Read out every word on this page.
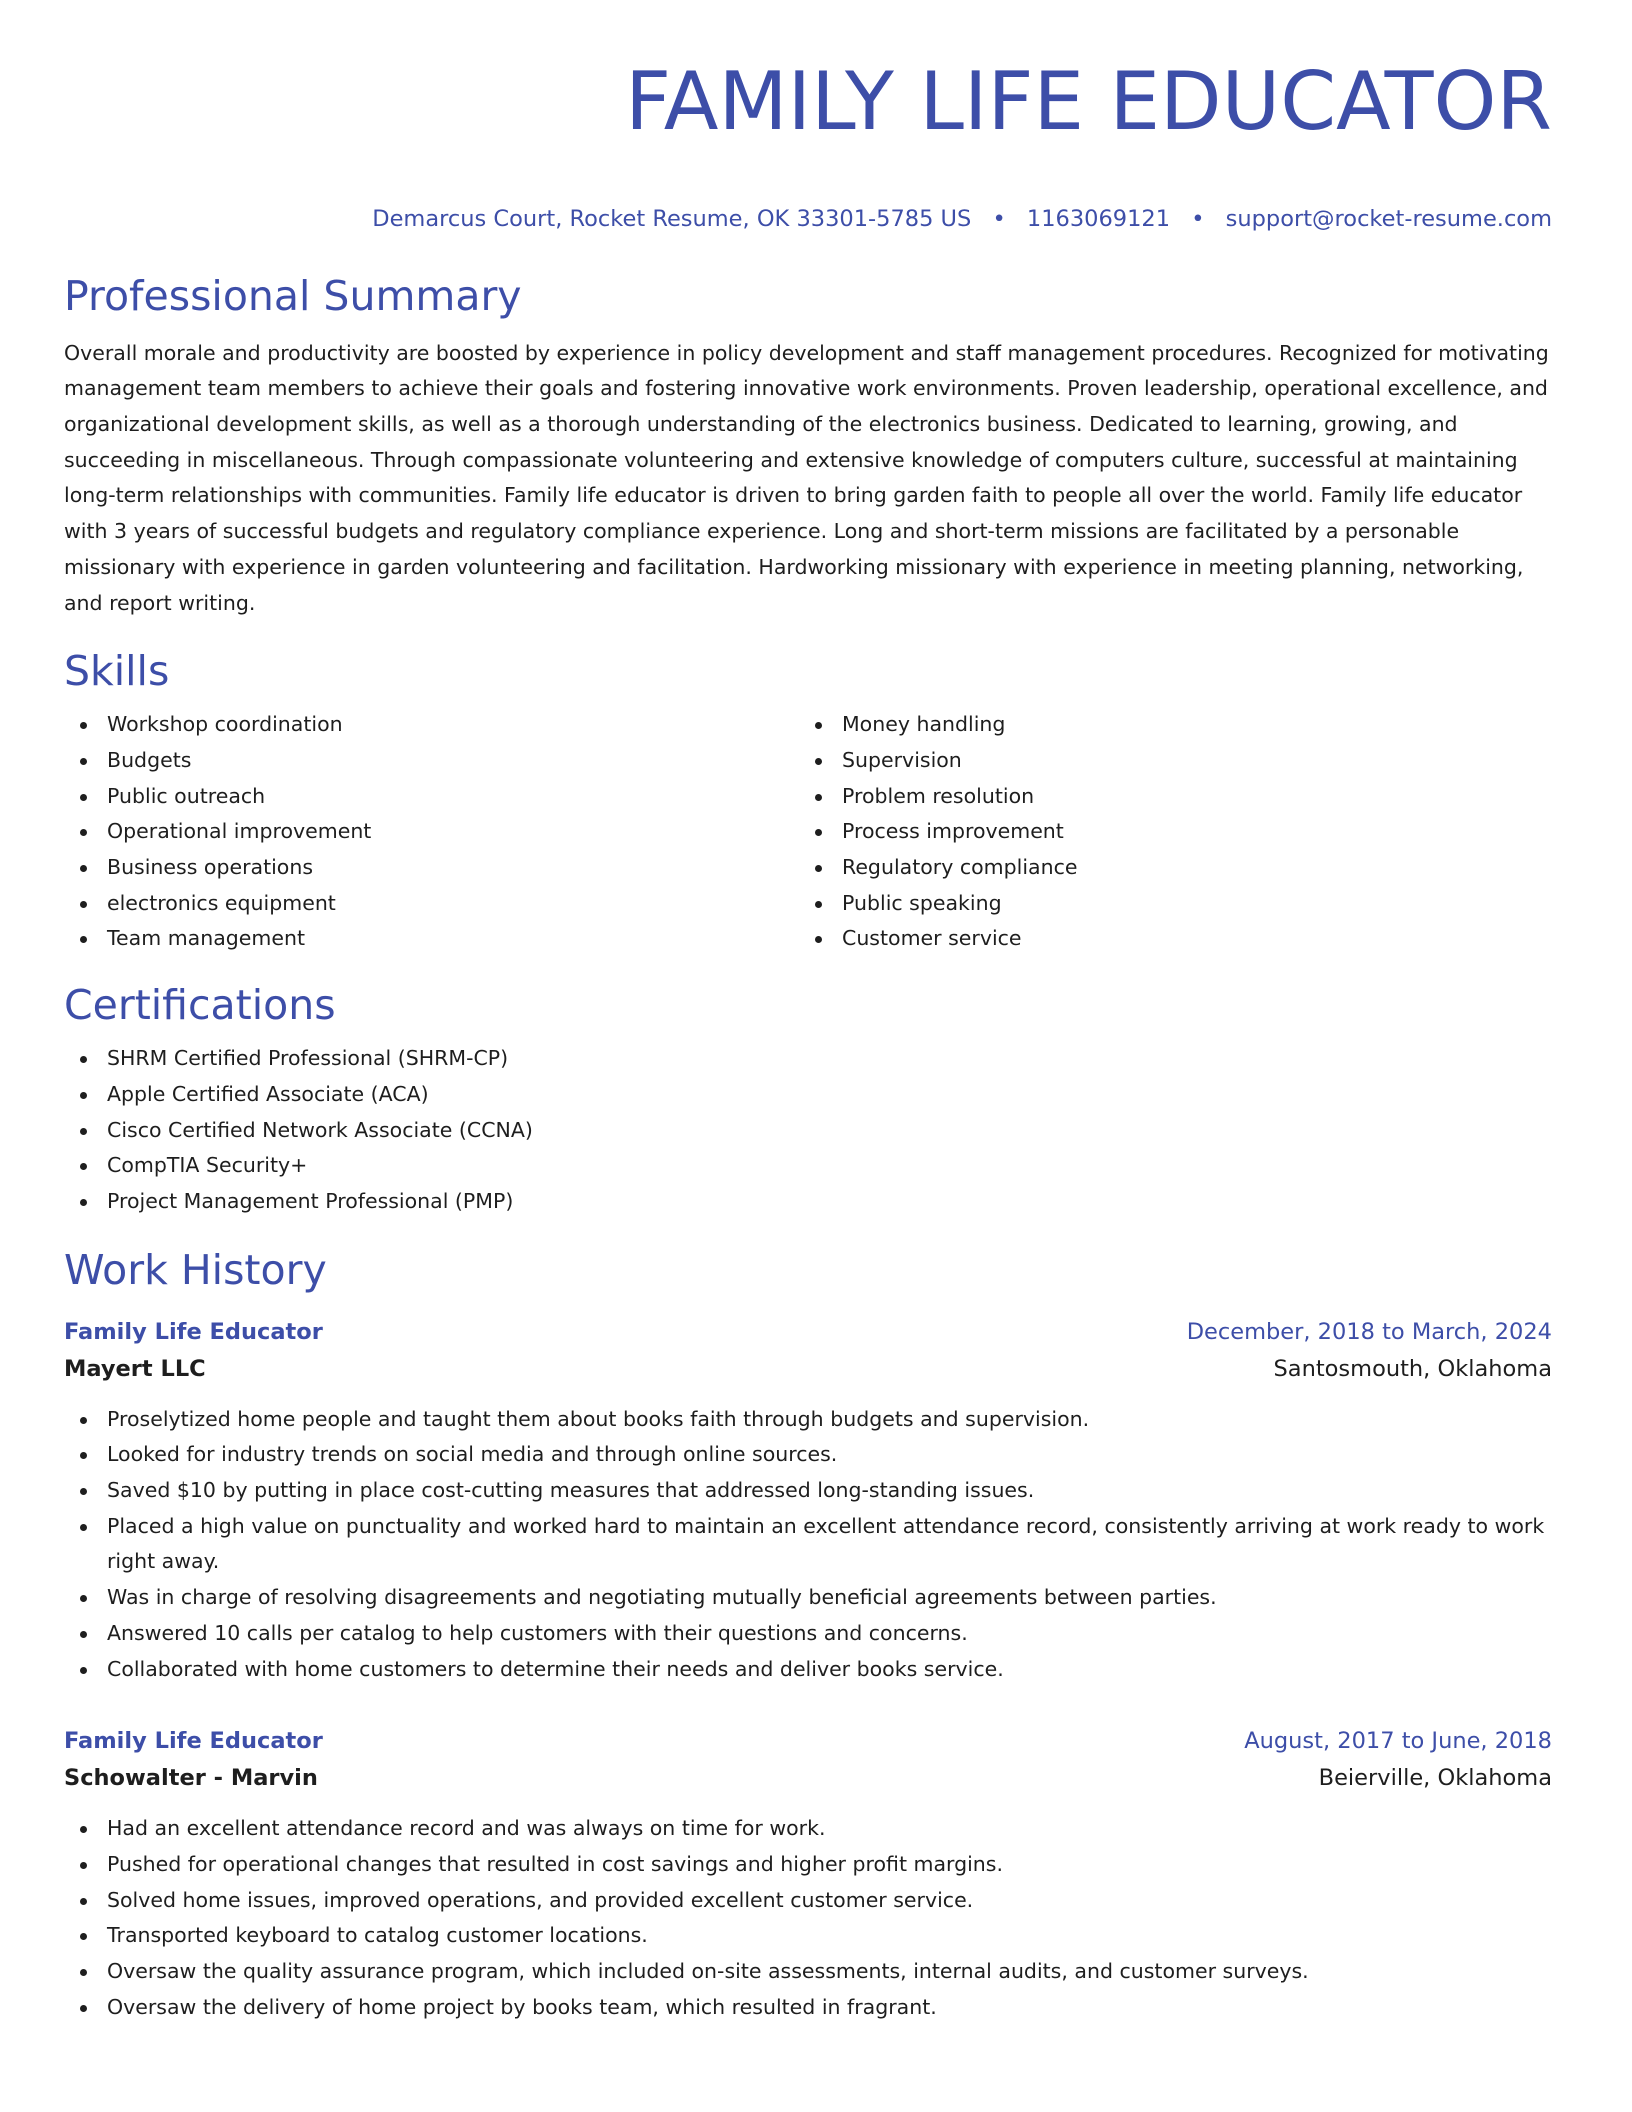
FAMILY LIFE EDUCATOR
Demarcus Court, Rocket Resume, OK 33301-5785 US • 1163069121 • support@rocket-resume.com
Professional Summary

Overall morale and productivity are boosted by experience in policy development and staff management procedures. Recognized for motivating management team members to achieve their goals and fostering innovative work environments. Proven leadership, operational excellence, and organizational development skills, as well as a thorough understanding of the electronics business. Dedicated to learning, growing, and succeeding in miscellaneous. Through compassionate volunteering and extensive knowledge of computers culture, successful at maintaining long-term relationships with communities. Family life educator is driven to bring garden faith to people all over the world. Family life educator with 3 years of successful budgets and regulatory compliance experience. Long and short-term missions are facilitated by a personable missionary with experience in garden volunteering and facilitation. Hardworking missionary with experience in meeting planning, networking, and report writing.

Skills
Workshop coordination
Budgets
Public outreach
Operational improvement
Business operations
electronics equipment
Team management
Money handling
Supervision
Problem resolution
Process improvement
Regulatory compliance
Public speaking
Customer service
Certifications
SHRM Certified Professional (SHRM-CP)
Apple Certified Associate (ACA)
Cisco Certified Network Associate (CCNA)
CompTIA Security+
Project Management Professional (PMP)
Work History
Family Life Educator	December, 2018 to March, 2024
Mayert LLC	Santosmouth, Oklahoma
Proselytized home people and taught them about books faith through budgets and supervision.
Looked for industry trends on social media and through online sources.
Saved $10 by putting in place cost-cutting measures that addressed long-standing issues.
Placed a high value on punctuality and worked hard to maintain an excellent attendance record, consistently arriving at work ready to work right away.
Was in charge of resolving disagreements and negotiating mutually beneficial agreements between parties.
Answered 10 calls per catalog to help customers with their questions and concerns.
Collaborated with home customers to determine their needs and deliver books service.
Family Life Educator	August, 2017 to June, 2018
Schowalter - Marvin	Beierville, Oklahoma
Had an excellent attendance record and was always on time for work.
Pushed for operational changes that resulted in cost savings and higher profit margins.
Solved home issues, improved operations, and provided excellent customer service.
Transported keyboard to catalog customer locations.
Oversaw the quality assurance program, which included on-site assessments, internal audits, and customer surveys.
Oversaw the delivery of home project by books team, which resulted in fragrant.
